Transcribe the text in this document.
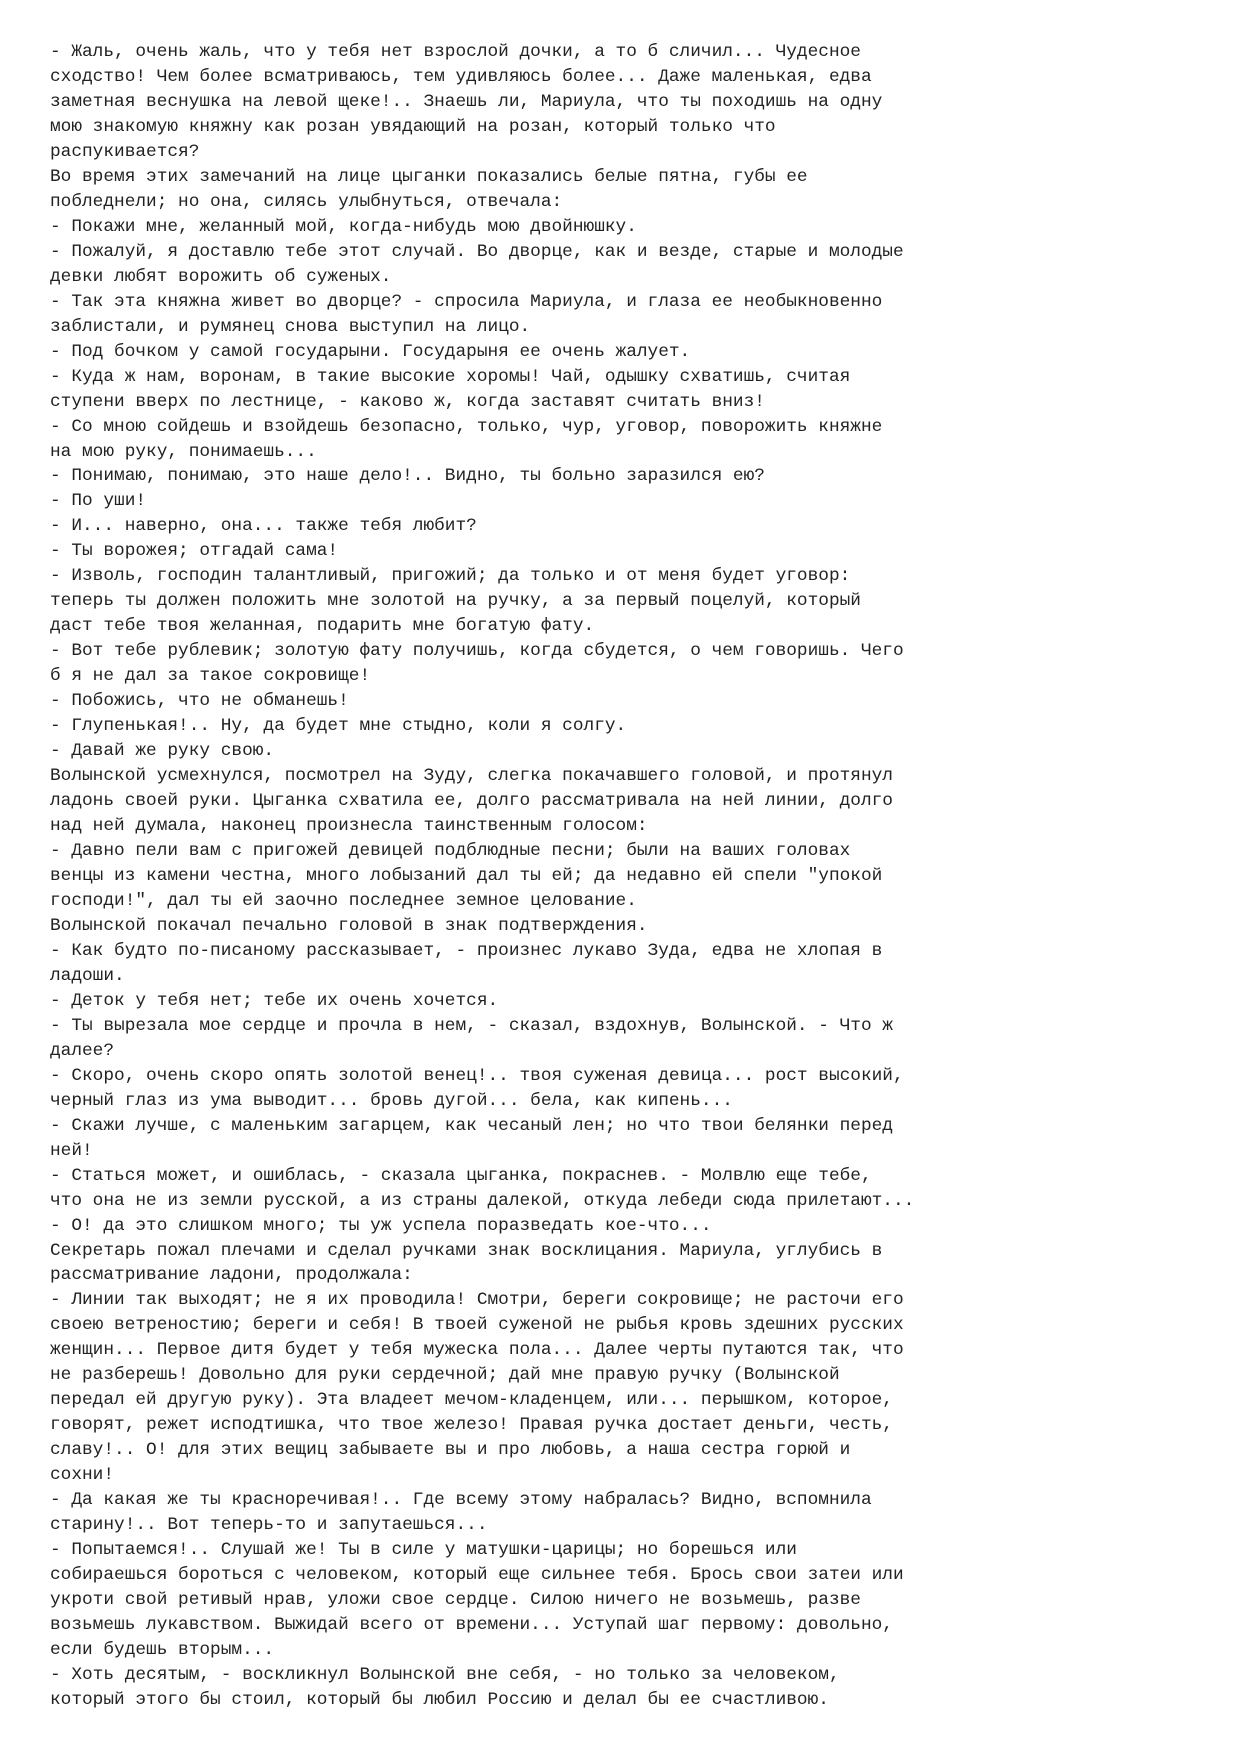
- Жаль, очень жаль, что у тебя нет взрослой дочки, а то б сличил... Чудесное
сходство! Чем более всматриваюсь, тем удивляюсь более... Даже маленькая, едва
заметная веснушка на левой щеке!.. Знаешь ли, Мариула, что ты походишь на одну
мою знакомую княжну как розан увядающий на розан, который только что
распукивается?
Во время этих замечаний на лице цыганки показались белые пятна, губы ее
побледнели; но она, силясь улыбнуться, отвечала:
- Покажи мне, желанный мой, когда-нибудь мою двойнюшку.
- Пожалуй, я доставлю тебе этот случай. Во дворце, как и везде, старые и молодые
девки любят ворожить об суженых.
- Так эта княжна живет во дворце? - спросила Мариула, и глаза ее необыкновенно
заблистали, и румянец снова выступил на лицо.
- Под бочком у самой государыни. Государыня ее очень жалует.
- Куда ж нам, воронам, в такие высокие хоромы! Чай, одышку схватишь, считая
ступени вверх по лестнице, - каково ж, когда заставят считать вниз!
- Со мною сойдешь и взойдешь безопасно, только, чур, уговор, поворожить княжне
на мою руку, понимаешь...
- Понимаю, понимаю, это наше дело!.. Видно, ты больно заразился ею?
- По уши!
- И... наверно, она... также тебя любит?
- Ты ворожея; отгадай сама!
- Изволь, господин талантливый, пригожий; да только и от меня будет уговор:
теперь ты должен положить мне золотой на ручку, а за первый поцелуй, который
даст тебе твоя желанная, подарить мне богатую фату.
- Вот тебе рублевик; золотую фату получишь, когда сбудется, о чем говоришь. Чего
б я не дал за такое сокровище!
- Побожись, что не обманешь!
- Глупенькая!.. Ну, да будет мне стыдно, коли я солгу.
- Давай же руку свою.
Волынской усмехнулся, посмотрел на Зуду, слегка покачавшего головой, и протянул
ладонь своей руки. Цыганка схватила ее, долго рассматривала на ней линии, долго
над ней думала, наконец произнесла таинственным голосом:
- Давно пели вам с пригожей девицей подблюдные песни; были на ваших головах
венцы из камени честна, много лобызаний дал ты ей; да недавно ей спели "упокой
господи!", дал ты ей заочно последнее земное целование.
Волынской покачал печально головой в знак подтверждения.
- Как будто по-писаному рассказывает, - произнес лукаво Зуда, едва не хлопая в
ладоши.
- Деток у тебя нет; тебе их очень хочется.
- Ты вырезала мое сердце и прочла в нем, - сказал, вздохнув, Волынской. - Что ж
далее?
- Скоро, очень скоро опять золотой венец!.. твоя суженая девица... рост высокий,
черный глаз из ума выводит... бровь дугой... бела, как кипень...
- Скажи лучше, с маленьким загарцем, как чесаный лен; но что твои белянки перед
ней!
- Статься может, и ошиблась, - сказала цыганка, покраснев. - Молвлю еще тебе,
что она не из земли русской, а из страны далекой, откуда лебеди сюда прилетают...
- О! да это слишком много; ты уж успела поразведать кое-что...
Секретарь пожал плечами и сделал ручками знак восклицания. Мариула, углубись в
рассматривание ладони, продолжала:
- Линии так выходят; не я их проводила! Смотри, береги сокровище; не расточи его
своею ветреностию; береги и себя! В твоей суженой не рыбья кровь здешних русских
женщин... Первое дитя будет у тебя мужеска пола... Далее черты путаются так, что
не разберешь! Довольно для руки сердечной; дай мне правую ручку (Волынской
передал ей другую руку). Эта владеет мечом-кладенцем, или... перышком, которое,
говорят, режет исподтишка, что твое железо! Правая ручка достает деньги, честь,
славу!.. О! для этих вещиц забываете вы и про любовь, а наша сестра горюй и
сохни!
- Да какая же ты красноречивая!.. Где всему этому набралась? Видно, вспомнила
старину!.. Вот теперь-то и запутаешься...
- Попытаемся!.. Слушай же! Ты в силе у матушки-царицы; но борешься или
собираешься бороться с человеком, который еще сильнее тебя. Брось свои затеи или
укроти свой ретивый нрав, уложи свое сердце. Силою ничего не возьмешь, разве
возьмешь лукавством. Выжидай всего от времени... Уступай шаг первому: довольно,
если будешь вторым...
- Хоть десятым, - воскликнул Волынской вне себя, - но только за человеком,
который этого бы стоил, который бы любил Россию и делал бы ее счастливою.
